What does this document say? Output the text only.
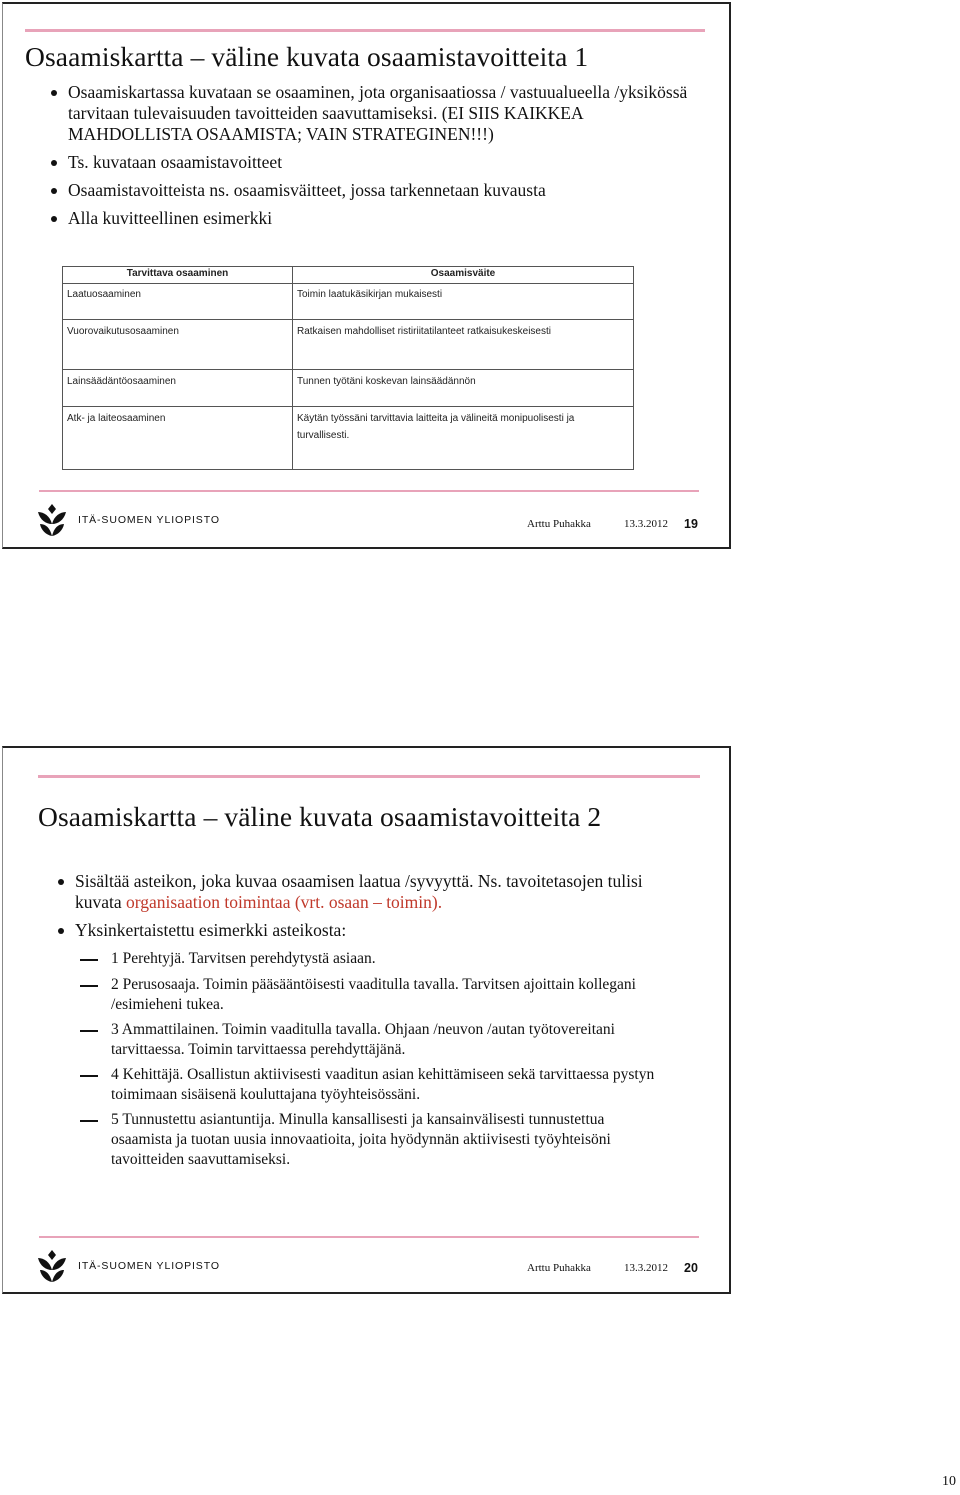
Osaamiskartta – väline kuvata osaamistavoitteita 1
Osaamiskartassa kuvataan se osaaminen, jota organisaatiossa / vastuualueella /yksikössä tarvitaan tulevaisuuden tavoitteiden saavuttamiseksi. (EI SIIS KAIKKEA MAHDOLLISTA OSAAMISTA; VAIN STRATEGINEN!!!)
Ts. kuvataan osaamistavoitteet
Osaamistavoitteista ns. osaamisväitteet, jossa tarkennetaan kuvausta
Alla kuvitteellinen esimerkki
Tarvittava osaaminen	Osaamisväite
Laatuosaaminen	Toimin laatukäsikirjan mukaisesti
Vuorovaikutusosaaminen	Ratkaisen mahdolliset ristiriitatilanteet ratkaisukeskeisesti
Lainsäädäntöosaaminen	Tunnen työtäni koskevan lainsäädännön
Atk- ja laiteosaaminen	Käytän työssäni tarvittavia laitteita ja välineitä monipuolisesti ja turvallisesti.
ITÄ-SUOMEN YLIOPISTO	Arttu Puhakka	13.3.2012 19
Osaamiskartta – väline kuvata osaamistavoitteita 2
Sisältää asteikon, joka kuvaa osaamisen laatua /syvyyttä. Ns. tavoitetasojen tulisi kuvata organisaation toimintaa (vrt. osaan – toimin).
Yksinkertaistettu esimerkki asteikosta:
1 Perehtyjä. Tarvitsen perehdytystä asiaan.
2 Perusosaaja. Toimin pääsääntöisesti vaaditulla tavalla. Tarvitsen ajoittain kollegani /esimieheni tukea.
3 Ammattilainen. Toimin vaaditulla tavalla. Ohjaan /neuvon /autan työtovereitani tarvittaessa. Toimin tarvittaessa perehdyttäjänä.
4 Kehittäjä. Osallistun aktiivisesti vaaditun asian kehittämiseen sekä tarvittaessa pystyn toimimaan sisäisenä kouluttajana työyhteisössäni.
5 Tunnustettu asiantuntija. Minulla kansallisesti ja kansainvälisesti tunnustettua osaamista ja tuotan uusia innovaatioita, joita hyödynnän aktiivisesti työyhteisöni tavoitteiden saavuttamiseksi.
ITÄ-SUOMEN YLIOPISTO	Arttu Puhakka	13.3.2012 20
10
